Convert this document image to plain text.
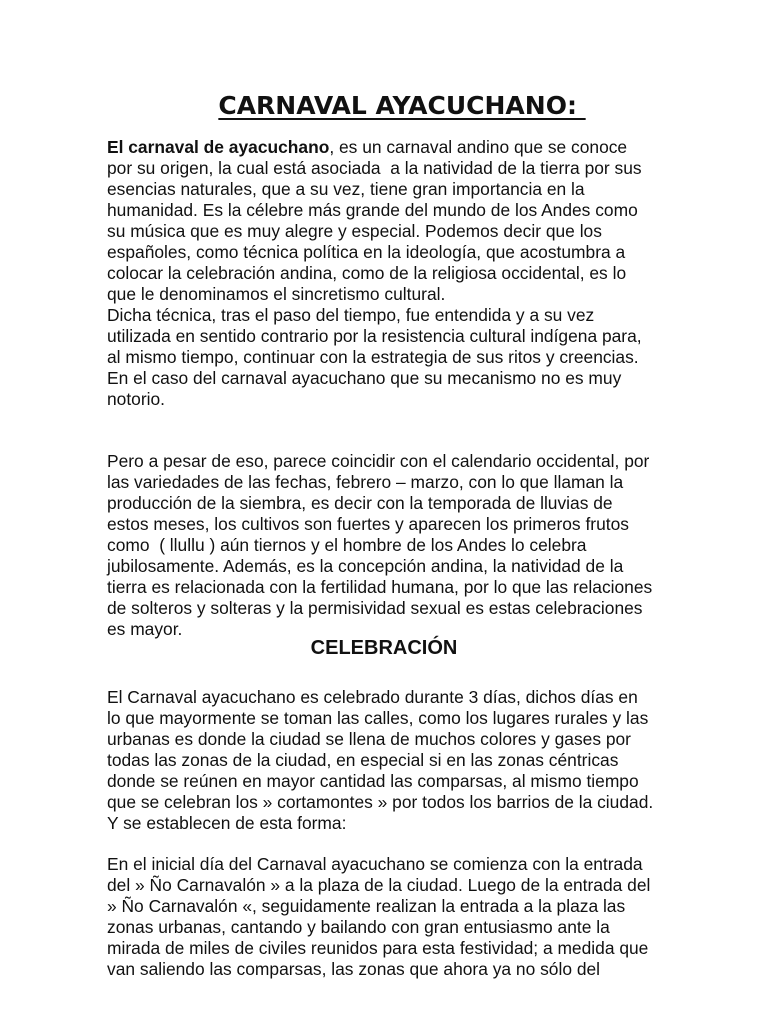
CARNAVAL AYACUCHANO:
El carnaval de ayacuchano, es un carnaval andino que se conoce
por su origen, la cual está asociada  a la natividad de la tierra por sus
esencias naturales, que a su vez, tiene gran importancia en la
humanidad. Es la célebre más grande del mundo de los Andes como
su música que es muy alegre y especial. Podemos decir que los
españoles, como técnica política en la ideología, que acostumbra a
colocar la celebración andina, como de la religiosa occidental, es lo
que le denominamos el sincretismo cultural.
Dicha técnica, tras el paso del tiempo, fue entendida y a su vez
utilizada en sentido contrario por la resistencia cultural indígena para,
al mismo tiempo, continuar con la estrategia de sus ritos y creencias.
En el caso del carnaval ayacuchano que su mecanismo no es muy
notorio.
Pero a pesar de eso, parece coincidir con el calendario occidental, por
las variedades de las fechas, febrero – marzo, con lo que llaman la
producción de la siembra, es decir con la temporada de lluvias de
estos meses, los cultivos son fuertes y aparecen los primeros frutos
como  ( llullu ) aún tiernos y el hombre de los Andes lo celebra
jubilosamente. Además, es la concepción andina, la natividad de la
tierra es relacionada con la fertilidad humana, por lo que las relaciones
de solteros y solteras y la permisividad sexual es estas celebraciones
es mayor.
CELEBRACIÓN
El Carnaval ayacuchano es celebrado durante 3 días, dichos días en
lo que mayormente se toman las calles, como los lugares rurales y las
urbanas es donde la ciudad se llena de muchos colores y gases por
todas las zonas de la ciudad, en especial si en las zonas céntricas
donde se reúnen en mayor cantidad las comparsas, al mismo tiempo
que se celebran los » cortamontes » por todos los barrios de la ciudad.
Y se establecen de esta forma:
En el inicial día del Carnaval ayacuchano se comienza con la entrada
del » Ño Carnavalón » a la plaza de la ciudad. Luego de la entrada del
» Ño Carnavalón «, seguidamente realizan la entrada a la plaza las
zonas urbanas, cantando y bailando con gran entusiasmo ante la
mirada de miles de civiles reunidos para esta festividad; a medida que
van saliendo las comparsas, las zonas que ahora ya no sólo del
